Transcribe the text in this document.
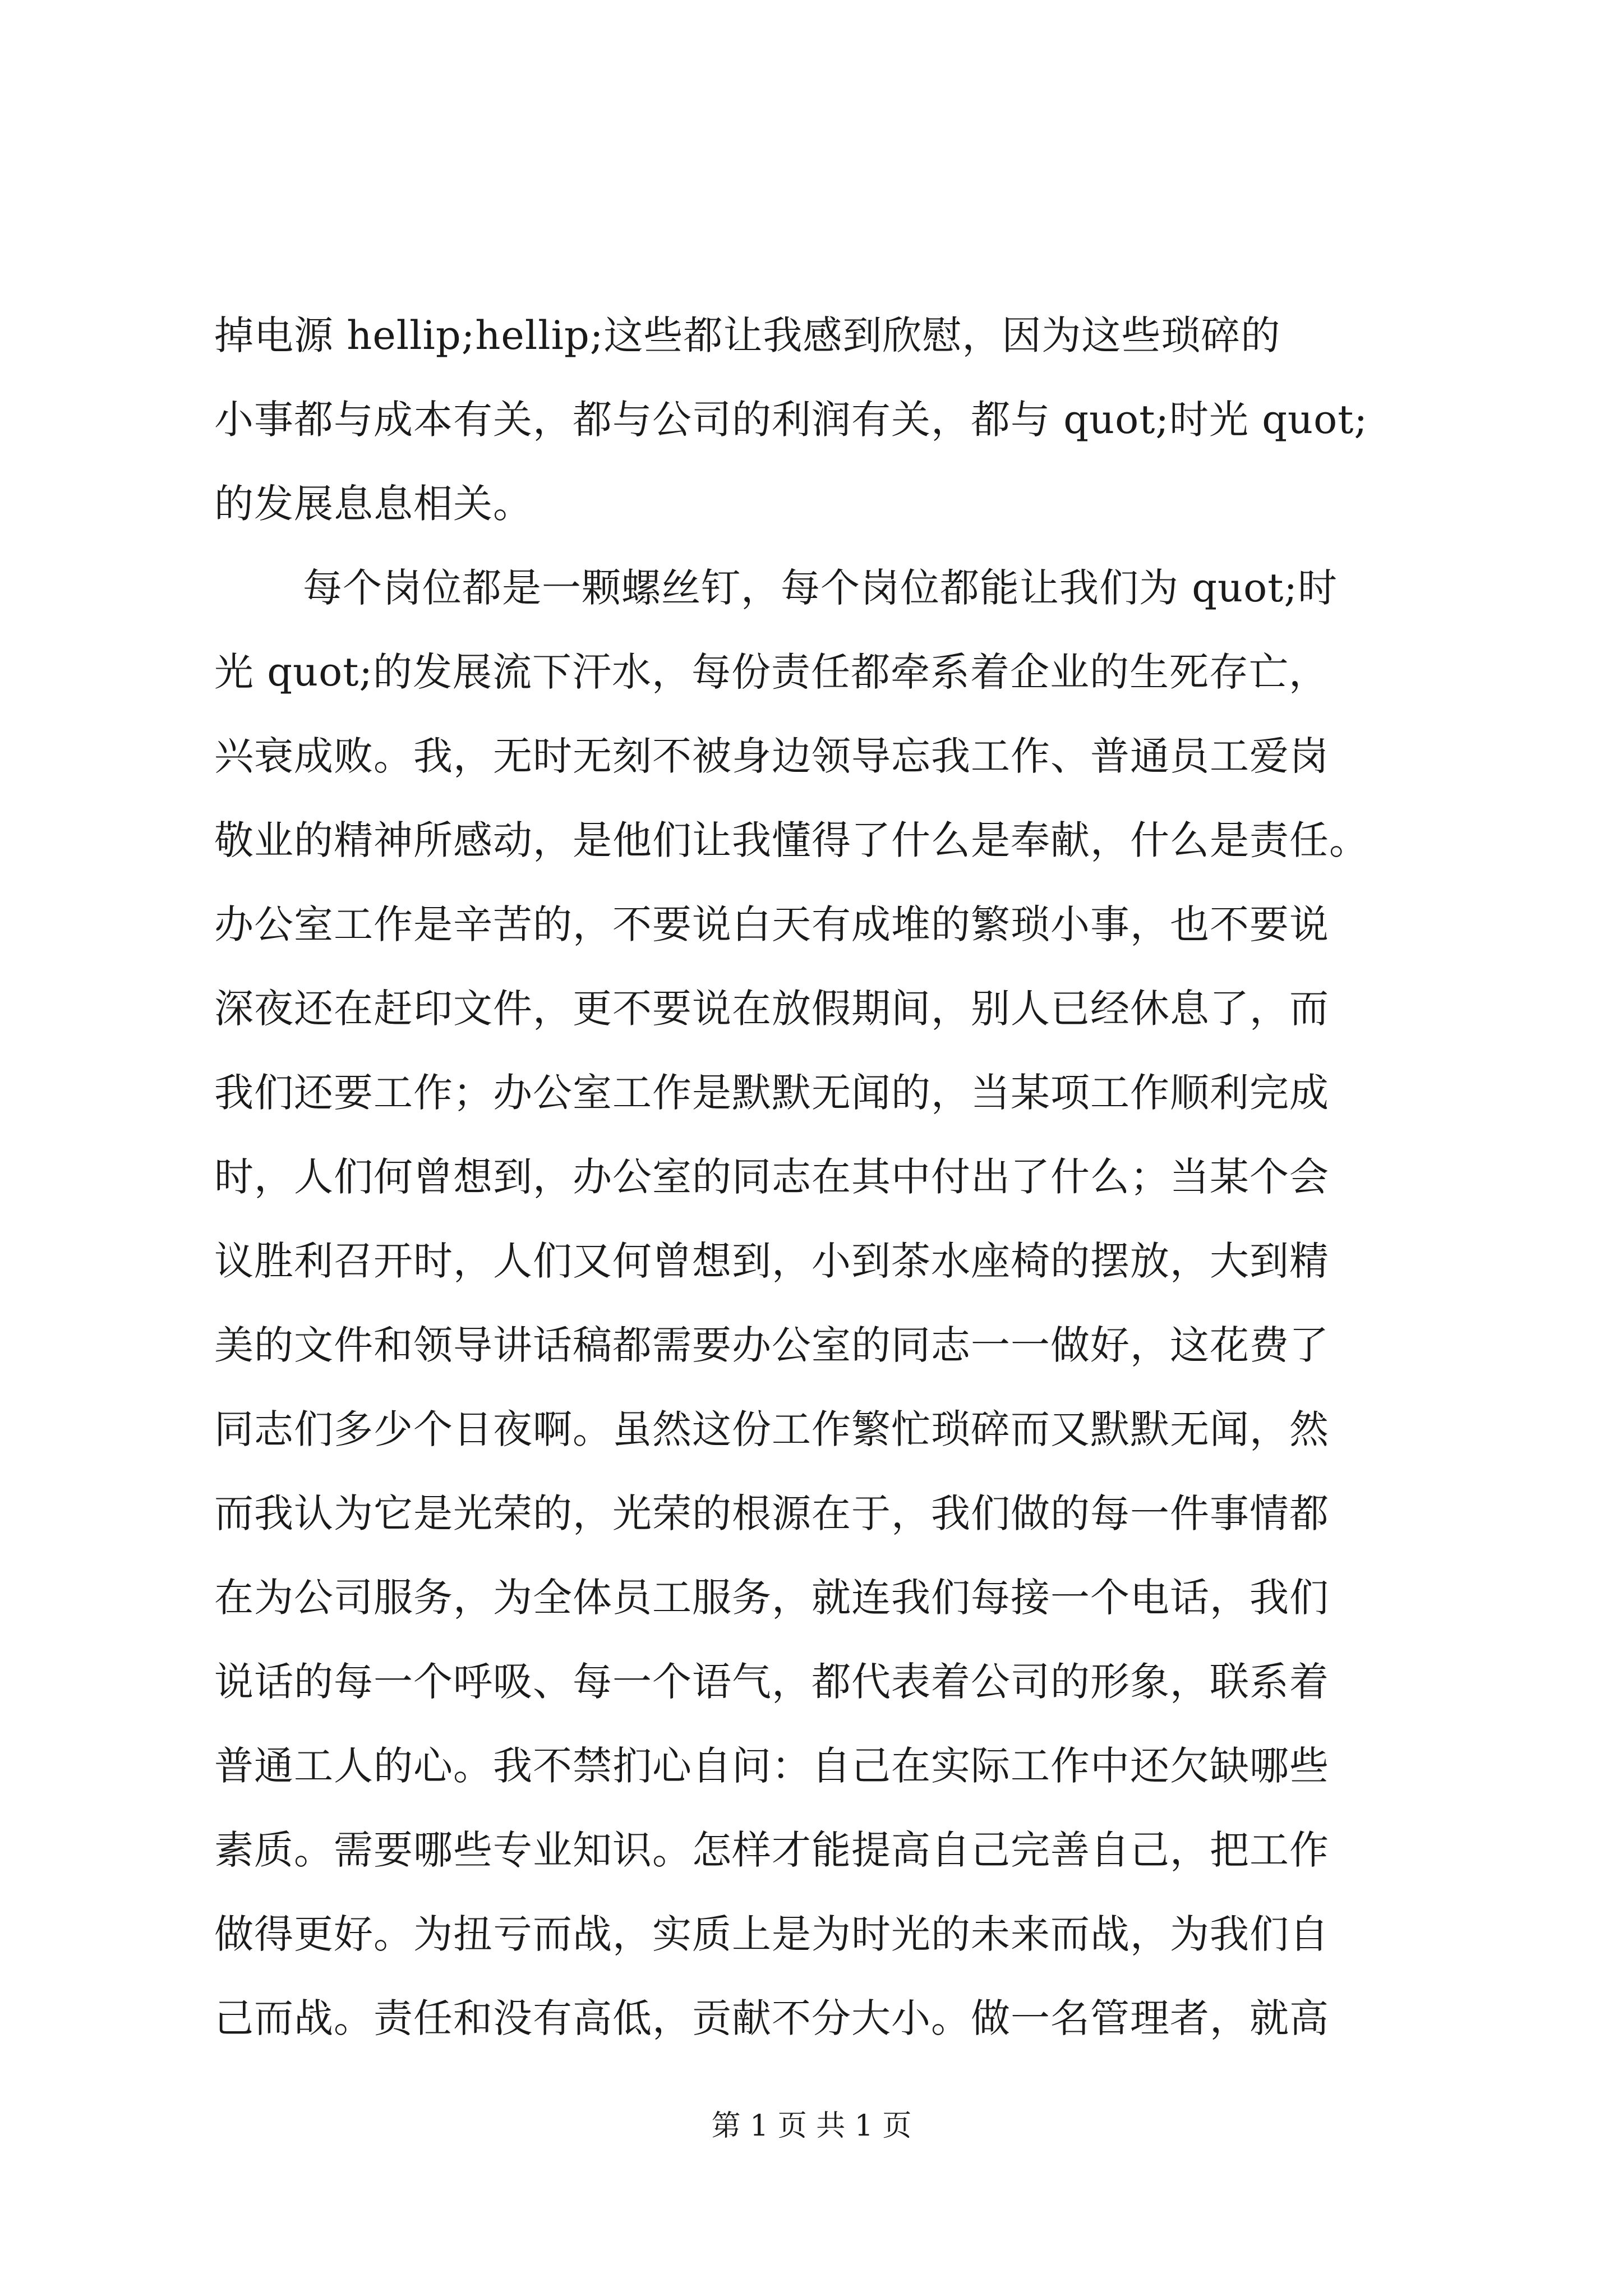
掉电源 hellip;hellip;这些都让我感到欣慰，因为这些琐碎的
小事都与成本有关，都与公司的利润有关，都与 quot;时光 quot;
的发展息息相关。
每个岗位都是一颗螺丝钉，每个岗位都能让我们为 quot;时
光 quot;的发展流下汗水，每份责任都牵系着企业的生死存亡，
兴衰成败。我，无时无刻不被身边领导忘我工作、普通员工爱岗
敬业的精神所感动，是他们让我懂得了什么是奉献，什么是责任。
办公室工作是辛苦的，不要说白天有成堆的繁琐小事，也不要说
深夜还在赶印文件，更不要说在放假期间，别人已经休息了，而
我们还要工作；办公室工作是默默无闻的，当某项工作顺利完成
时，人们何曾想到，办公室的同志在其中付出了什么；当某个会
议胜利召开时，人们又何曾想到，小到茶水座椅的摆放，大到精
美的文件和领导讲话稿都需要办公室的同志一一做好，这花费了
同志们多少个日夜啊。虽然这份工作繁忙琐碎而又默默无闻，然
而我认为它是光荣的，光荣的根源在于，我们做的每一件事情都
在为公司服务，为全体员工服务，就连我们每接一个电话，我们
说话的每一个呼吸、每一个语气，都代表着公司的形象，联系着
普通工人的心。我不禁扪心自问：自己在实际工作中还欠缺哪些
素质。需要哪些专业知识。怎样才能提高自己完善自己，把工作
做得更好。为扭亏而战，实质上是为时光的未来而战，为我们自
己而战。责任和没有高低，贡献不分大小。做一名管理者，就高
第 1 页 共 1 页
